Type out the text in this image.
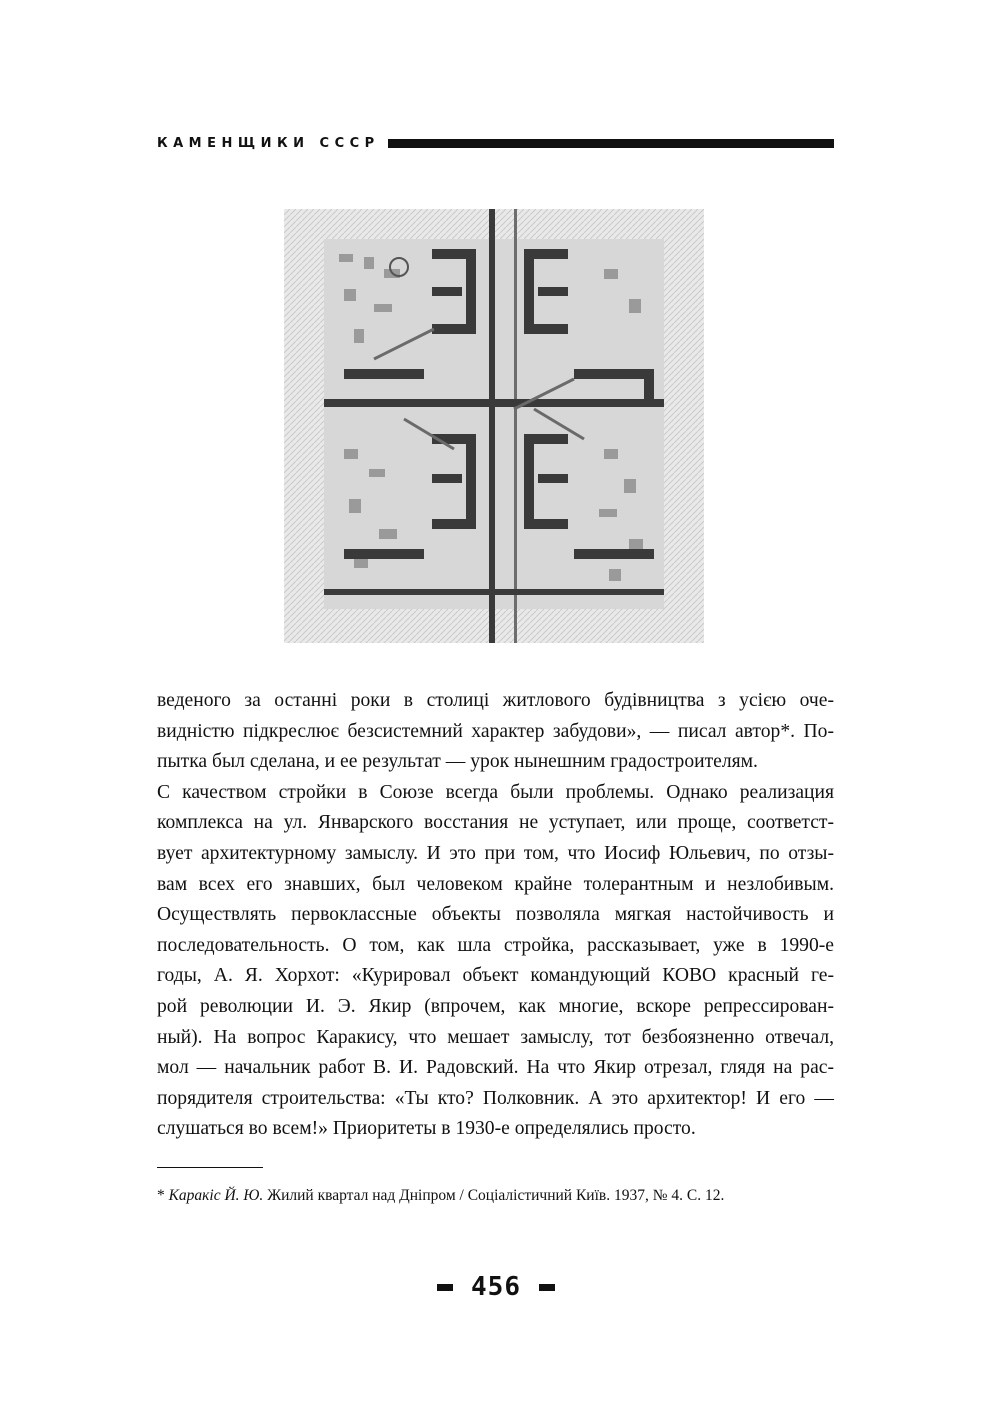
КАМЕНЩИКИ СССР
веденого за останні роки в столиці житлового будівництва з усією оче-
видністю підкреслює безсистемний характер забудови», — писал автор*. По-
пытка был сделана, и ее результат — урок нынешним градостроителям.
С качеством стройки в Союзе всегда были проблемы. Однако реализация
комплекса на ул. Январского восстания не уступает, или проще, соответст-
вует архитектурному замыслу. И это при том, что Иосиф Юльевич, по отзы-
вам всех его знавших, был человеком крайне толерантным и незлобивым.
Осуществлять первоклассные объекты позволяла мягкая настойчивость и
последовательность. О том, как шла стройка, рассказывает, уже в 1990-е
годы, А. Я. Хорхот: «Курировал объект командующий КОВО красный ге-
рой революции И. Э. Якир (впрочем, как многие, вскоре репрессирован-
ный). На вопрос Каракису, что мешает замыслу, тот безбоязненно отвечал,
мол — начальник работ В. И. Радовский. На что Якир отрезал, глядя на рас-
порядителя строительства: «Ты кто? Полковник. А это архитектор! И его —
слушаться во всем!» Приоритеты в 1930-е определялись просто.
* Каракіс Й. Ю. Жилий квартал над Дніпром / Соціалістичний Київ. 1937, № 4. С. 12.
456
